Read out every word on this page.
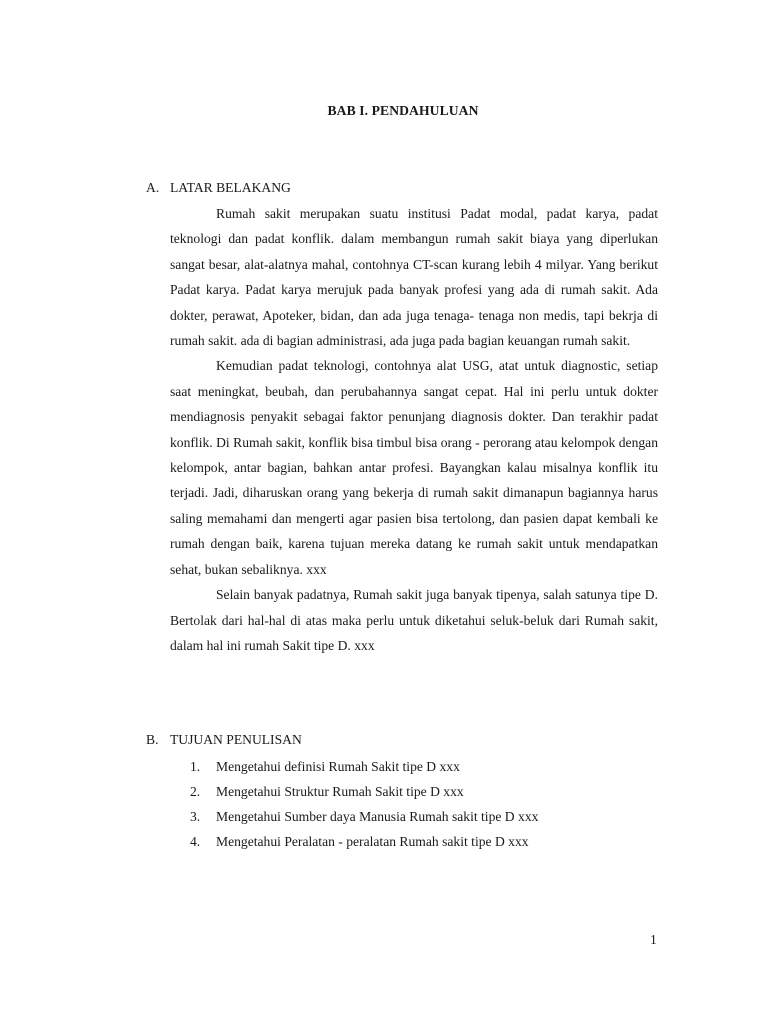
BAB I. PENDAHULUAN
A. LATAR BELAKANG

Rumah sakit merupakan suatu institusi Padat modal, padat karya, padat teknologi dan padat konflik. dalam membangun rumah sakit biaya yang diperlukan sangat besar, alat-alatnya mahal, contohnya CT-scan kurang lebih 4 milyar. Yang berikut Padat karya. Padat karya merujuk pada banyak profesi yang ada di rumah sakit. Ada dokter, perawat, Apoteker, bidan, dan ada juga tenaga- tenaga non medis, tapi bekrja di rumah sakit. ada di bagian administrasi, ada juga pada bagian keuangan rumah sakit.

Kemudian padat teknologi, contohnya alat USG, atat untuk diagnostic, setiap saat meningkat, beubah, dan perubahannya sangat cepat. Hal ini perlu untuk dokter mendiagnosis penyakit sebagai faktor penunjang diagnosis dokter. Dan terakhir padat konflik. Di Rumah sakit, konflik bisa timbul bisa orang - perorang atau kelompok dengan kelompok, antar bagian, bahkan antar profesi. Bayangkan kalau misalnya konflik itu terjadi. Jadi, diharuskan orang yang bekerja di rumah sakit dimanapun bagiannya harus saling memahami dan mengerti agar pasien bisa tertolong, dan pasien dapat kembali ke rumah dengan baik, karena tujuan mereka datang ke rumah sakit untuk mendapatkan sehat, bukan sebaliknya. xxx

Selain banyak padatnya, Rumah sakit juga banyak tipenya, salah satunya tipe D. Bertolak dari hal-hal di atas maka perlu untuk diketahui seluk-beluk dari Rumah sakit, dalam hal ini rumah Sakit tipe D. xxx

B. TUJUAN PENULISAN
1. Mengetahui definisi Rumah Sakit tipe D xxx
2. Mengetahui Struktur Rumah Sakit tipe D xxx
3. Mengetahui Sumber daya Manusia Rumah sakit tipe D xxx
4. Mengetahui Peralatan - peralatan Rumah sakit tipe D xxx
1
